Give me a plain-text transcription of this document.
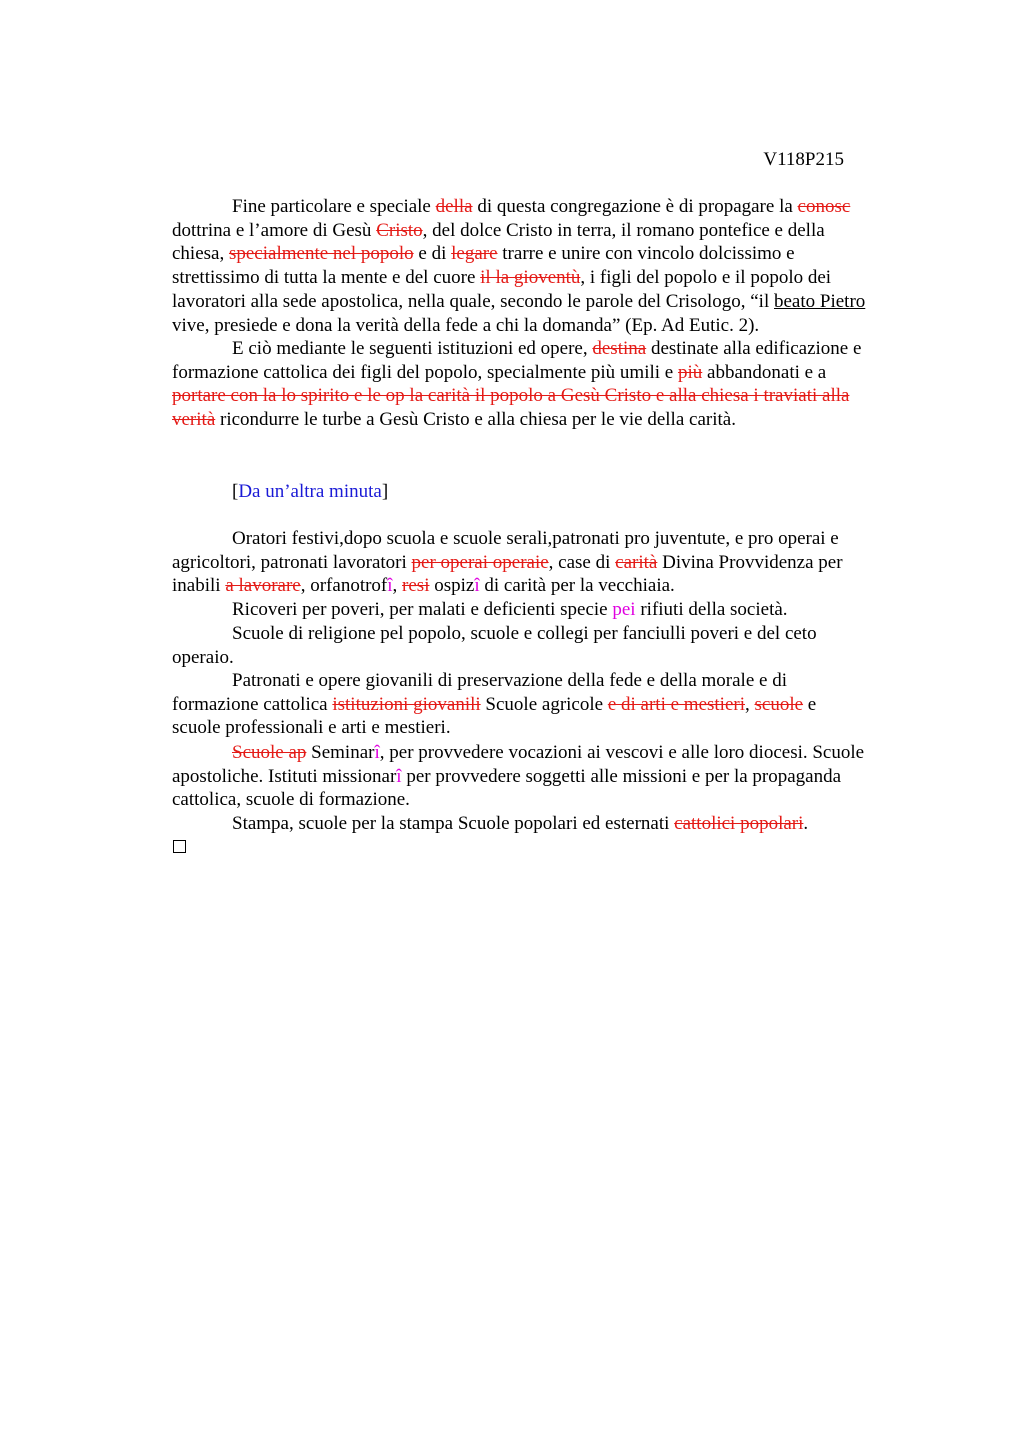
V118P215

Fine particolare e speciale della di questa congregazione è di propagare la conosc
dottrina e l’amore di Gesù Cristo, del dolce Cristo in terra, il romano pontefice e della
chiesa, specialmente nel popolo e di legare trarre e unire con vincolo dolcissimo e
strettissimo di tutta la mente e del cuore il la gioventù, i figli del popolo e il popolo dei
lavoratori alla sede apostolica, nella quale, secondo le parole del Crisologo, “il beato Pietro
vive, presiede e dona la verità della fede a chi la domanda” (Ep. Ad Eutic. 2).

E ciò mediante le seguenti istituzioni ed opere, destina destinate alla edificazione e
formazione cattolica dei figli del popolo, specialmente più umili e più abbandonati e a
portare con la lo spirito e le op la carità il popolo a Gesù Cristo e alla chiesa i traviati alla
verità ricondurre le turbe a Gesù Cristo e alla chiesa per le vie della carità.

[Da un’altra minuta]

Oratori festivi,dopo scuola e scuole serali,patronati pro juventute, e pro operai e
agricoltori, patronati lavoratori per operai operaie, case di carità Divina Provvidenza per
inabili a lavorare, orfanotrofî, resi ospizî di carità per la vecchiaia.

Ricoveri per poveri, per malati e deficienti specie pei rifiuti della società.

Scuole di religione pel popolo, scuole e collegi per fanciulli poveri e del ceto
operaio.

Patronati e opere giovanili di preservazione della fede e della morale e di
formazione cattolica istituzioni giovanili Scuole agricole e di arti e mestieri, scuole e
scuole professionali e arti e mestieri.

Scuole ap Seminarî, per provvedere vocazioni ai vescovi e alle loro diocesi. Scuole
apostoliche. Istituti missionarî per provvedere soggetti alle missioni e per la propaganda
cattolica, scuole di formazione.

Stampa, scuole per la stampa Scuole popolari ed esternati cattolici popolari.
